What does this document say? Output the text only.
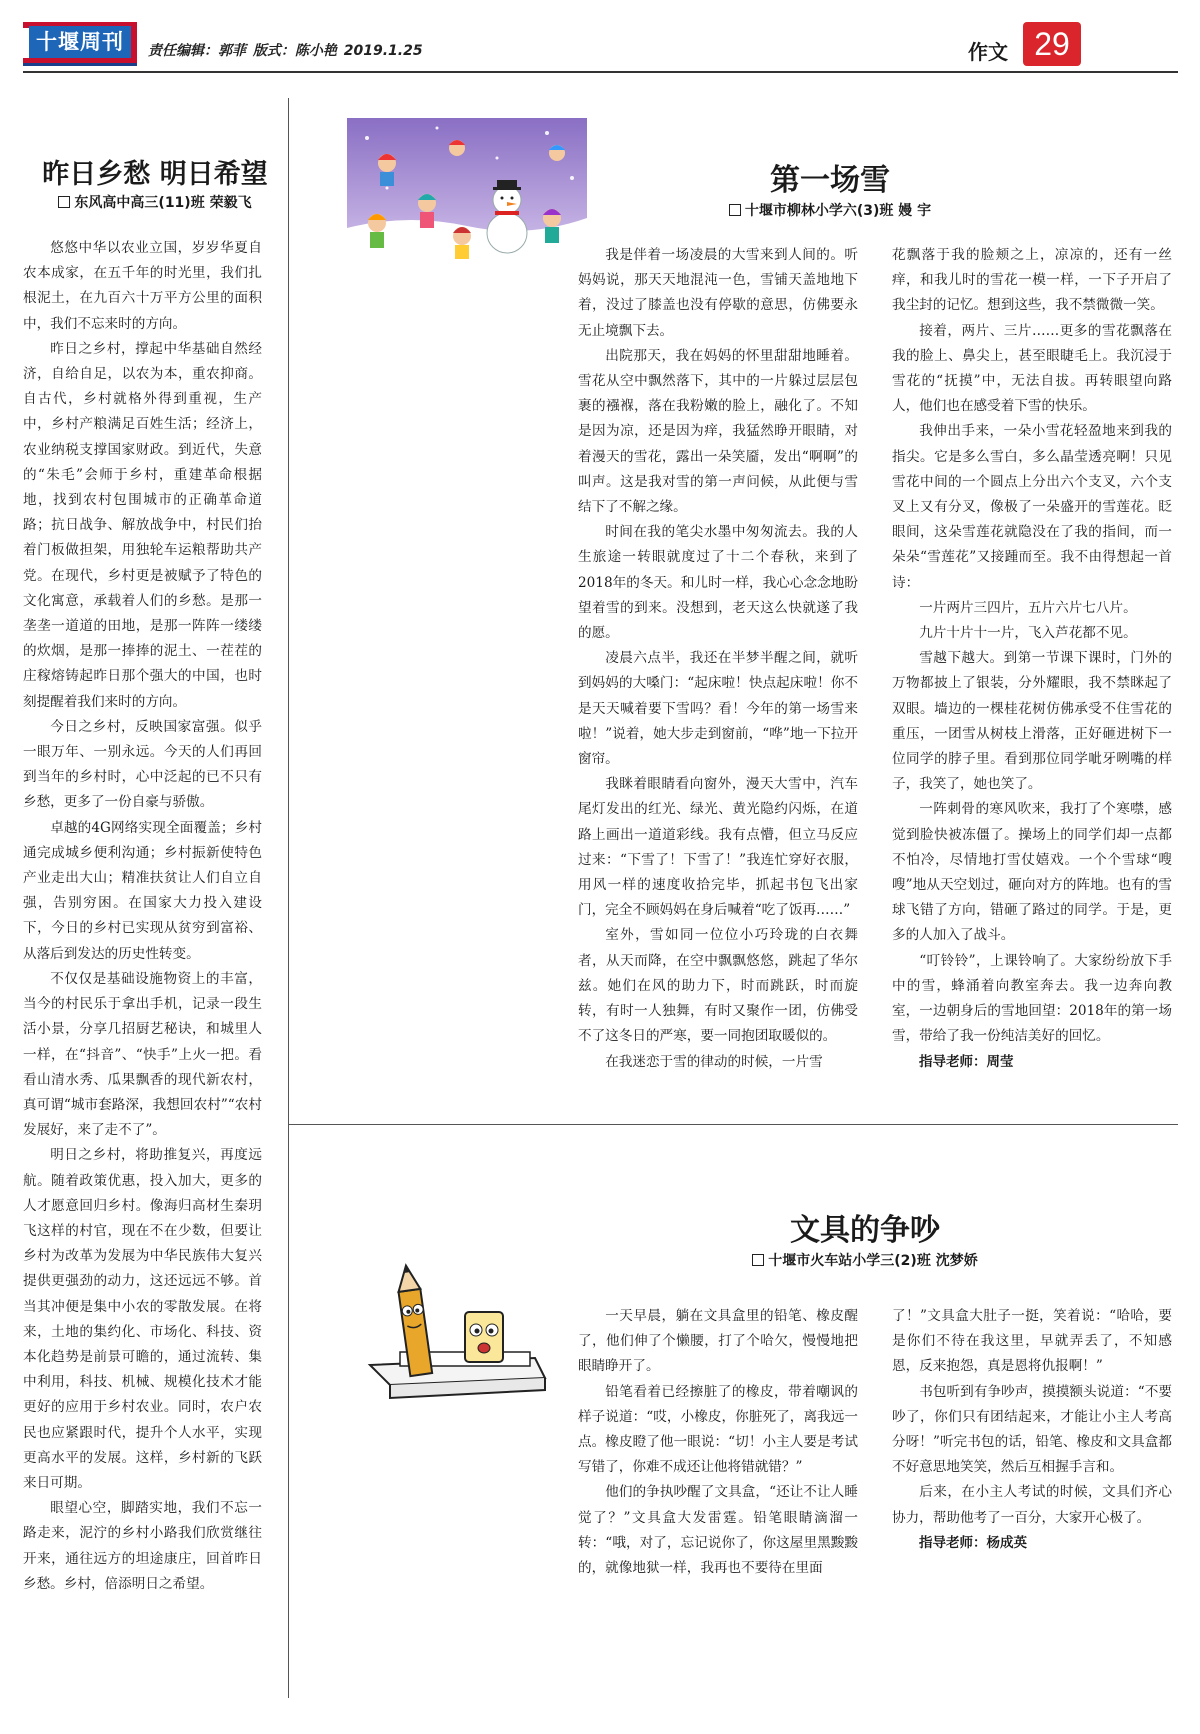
十堰周刊	责任编辑：郭菲 版式：陈小艳 2019.1.25	作文 29
昨日乡愁 明日希望
东风高中高三(11)班 荣毅飞

悠悠中华以农业立国，岁岁华夏自农本成家，在五千年的时光里，我们扎根泥土，在九百六十万平方公里的面积中，我们不忘来时的方向。

昨日之乡村，撑起中华基础自然经济，自给自足，以农为本，重农抑商。自古代，乡村就格外得到重视，生产中，乡村产粮满足百姓生活；经济上，农业纳税支撑国家财政。到近代，失意的“朱毛”会师于乡村，重建革命根据地，找到农村包围城市的正确革命道路；抗日战争、解放战争中，村民们抬着门板做担架，用独轮车运粮帮助共产党。在现代，乡村更是被赋予了特色的文化寓意，承载着人们的乡愁。是那一垄垄一道道的田地，是那一阵阵一缕缕的炊烟，是那一捧捧的泥土、一茬茬的庄稼熔铸起昨日那个强大的中国，也时刻提醒着我们来时的方向。

今日之乡村，反映国家富强。似乎一眼万年、一别永远。今天的人们再回到当年的乡村时，心中泛起的已不只有乡愁，更多了一份自豪与骄傲。

卓越的4G网络实现全面覆盖；乡村通完成城乡便利沟通；乡村振新使特色产业走出大山；精准扶贫让人们自立自强，告别穷困。在国家大力投入建设下，今日的乡村已实现从贫穷到富裕、从落后到发达的历史性转变。

不仅仅是基础设施物资上的丰富，当今的村民乐于拿出手机，记录一段生活小景，分享几招厨艺秘诀，和城里人一样，在“抖音”、“快手”上火一把。看看山清水秀、瓜果飘香的现代新农村，真可谓“城市套路深，我想回农村”“农村发展好，来了走不了”。

明日之乡村，将助推复兴，再度远航。随着政策优惠，投入加大，更多的人才愿意回归乡村。像海归高材生秦玥飞这样的村官，现在不在少数，但要让乡村为改革为发展为中华民族伟大复兴提供更强劲的动力，这还远远不够。首当其冲便是集中小农的零散发展。在将来，土地的集约化、市场化、科技、资本化趋势是前景可瞻的，通过流转、集中利用，科技、机械、规模化技术才能更好的应用于乡村农业。同时，农户农民也应紧跟时代，提升个人水平，实现更高水平的发展。这样，乡村新的飞跃来日可期。

眼望心空，脚踏实地，我们不忘一路走来，泥泞的乡村小路我们欣赏继往开来，通往远方的坦途康庄，回首昨日乡愁。乡村，倍添明日之希望。

第一场雪
十堰市柳林小学六(3)班 嫚 宇

我是伴着一场凌晨的大雪来到人间的。听妈妈说，那天天地混沌一色，雪铺天盖地地下着，没过了膝盖也没有停歇的意思，仿佛要永无止境飘下去。

出院那天，我在妈妈的怀里甜甜地睡着。雪花从空中飘然落下，其中的一片躲过层层包裹的襁褓，落在我粉嫩的脸上，融化了。不知是因为凉，还是因为痒，我猛然睁开眼睛，对着漫天的雪花，露出一朵笑靥，发出“啊啊”的叫声。这是我对雪的第一声问候，从此便与雪结下了不解之缘。

时间在我的笔尖水墨中匆匆流去。我的人生旅途一转眼就度过了十二个春秋，来到了2018年的冬天。和儿时一样，我心心念念地盼望着雪的到来。没想到，老天这么快就遂了我的愿。

凌晨六点半，我还在半梦半醒之间，就听到妈妈的大嗓门：“起床啦！快点起床啦！你不是天天喊着要下雪吗？看！今年的第一场雪来啦！”说着，她大步走到窗前，“哗”地一下拉开窗帘。

我眯着眼睛看向窗外，漫天大雪中，汽车尾灯发出的红光、绿光、黄光隐约闪烁，在道路上画出一道道彩线。我有点懵，但立马反应过来：“下雪了！下雪了！”我连忙穿好衣服，用风一样的速度收拾完毕，抓起书包飞出家门，完全不顾妈妈在身后喊着“吃了饭再……”

室外，雪如同一位位小巧玲珑的白衣舞者，从天而降，在空中飘飘悠悠，跳起了华尔兹。她们在风的助力下，时而跳跃，时而旋转，有时一人独舞，有时又聚作一团，仿佛受不了这冬日的严寒，要一同抱团取暖似的。

在我迷恋于雪的律动的时候，一片雪

花飘落于我的脸颊之上，凉凉的，还有一丝痒，和我儿时的雪花一模一样，一下子开启了我尘封的记忆。想到这些，我不禁微微一笑。

接着，两片、三片……更多的雪花飘落在我的脸上、鼻尖上，甚至眼睫毛上。我沉浸于雪花的“抚摸”中，无法自拔。再转眼望向路人，他们也在感受着下雪的快乐。

我伸出手来，一朵小雪花轻盈地来到我的指尖。它是多么雪白，多么晶莹透亮啊！只见雪花中间的一个圆点上分出六个支叉，六个支叉上又有分叉，像极了一朵盛开的雪莲花。眨眼间，这朵雪莲花就隐没在了我的指间，而一朵朵“雪莲花”又接踵而至。我不由得想起一首诗：

一片两片三四片，五片六片七八片。

九片十片十一片，飞入芦花都不见。

雪越下越大。到第一节课下课时，门外的万物都披上了银装，分外耀眼，我不禁眯起了双眼。墙边的一棵桂花树仿佛承受不住雪花的重压，一团雪从树枝上滑落，正好砸进树下一位同学的脖子里。看到那位同学呲牙咧嘴的样子，我笑了，她也笑了。

一阵刺骨的寒风吹来，我打了个寒噤，感觉到脸快被冻僵了。操场上的同学们却一点都不怕冷，尽情地打雪仗嬉戏。一个个雪球“嗖嗖”地从天空划过，砸向对方的阵地。也有的雪球飞错了方向，错砸了路过的同学。于是，更多的人加入了战斗。

“叮铃铃”，上课铃响了。大家纷纷放下手中的雪，蜂涌着向教室奔去。我一边奔向教室，一边朝身后的雪地回望：2018年的第一场雪，带给了我一份纯洁美好的回忆。

指导老师：周莹

文具的争吵
十堰市火车站小学三(2)班 沈梦娇

一天早晨，躺在文具盒里的铅笔、橡皮醒了，他们伸了个懒腰，打了个哈欠，慢慢地把眼睛睁开了。

铅笔看着已经擦脏了的橡皮，带着嘲讽的样子说道：“哎，小橡皮，你脏死了，离我远一点。橡皮瞪了他一眼说：“切！小主人要是考试写错了，你难不成还让他将错就错？”

他们的争执吵醒了文具盒，“还让不让人睡觉了？”文具盒大发雷霆。铅笔眼睛滴溜一转：“哦，对了，忘记说你了，你这屋里黑黢黢的，就像地狱一样，我再也不要待在里面

了！”文具盒大肚子一挺，笑着说：“哈哈，要是你们不待在我这里，早就弄丢了，不知感恩，反来抱怨，真是恩将仇报啊！”

书包听到有争吵声，摸摸额头说道：“不要吵了，你们只有团结起来，才能让小主人考高分呀！”听完书包的话，铅笔、橡皮和文具盒都不好意思地笑笑，然后互相握手言和。

后来，在小主人考试的时候，文具们齐心协力，帮助他考了一百分，大家开心极了。

指导老师：杨成英
